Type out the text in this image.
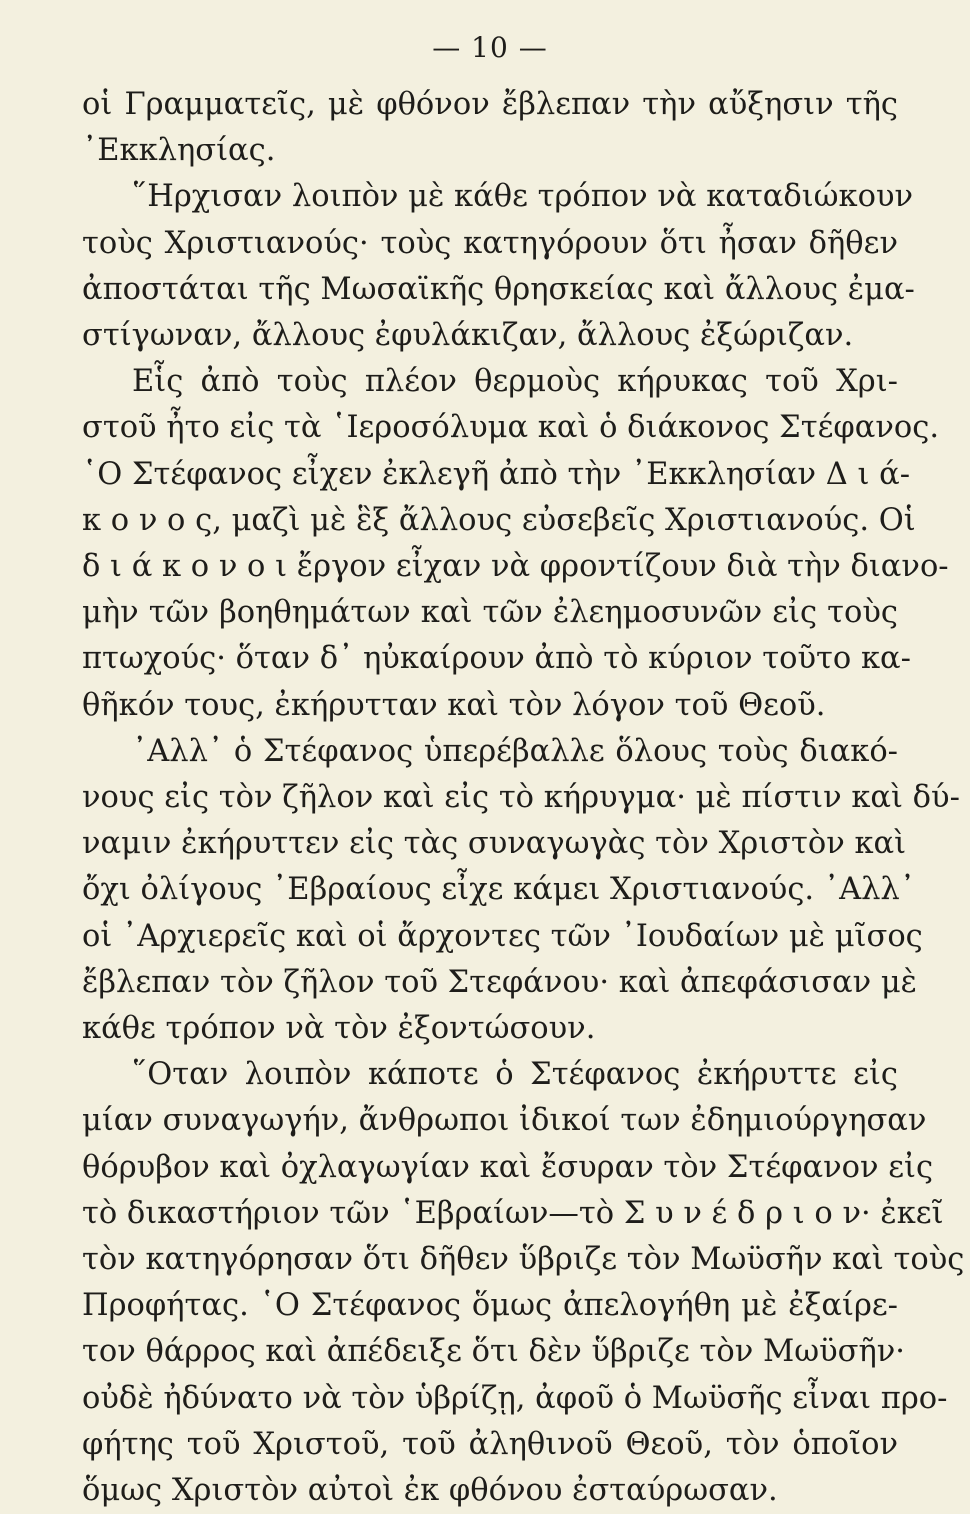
— 10 —
οἱ Γραμματεῖς, μὲ φθόνον ἔβλεπαν τὴν αὔξησιν τῆς
᾿Εκκλησίας.
῞Ηρχισαν λοιπὸν μὲ κάθε τρόπον νὰ καταδιώκουν
τοὺς Χριστιανούς· τοὺς κατηγόρουν ὅτι ἦσαν δῆθεν
ἀποστάται τῆς Μωσαϊκῆς θρησκείας καὶ ἄλλους ἐμα-
στίγωναν, ἄλλους ἐφυλάκιζαν, ἄλλους ἐξώριζαν.
Εἷς ἀπὸ τοὺς πλέον θερμοὺς κήρυκας τοῦ Χρι-
στοῦ ἦτο εἰς τὰ ῾Ιεροσόλυμα καὶ ὁ διάκονος Στέφανος.
῾Ο Στέφανος εἶχεν ἐκλεγῆ ἀπὸ τὴν ᾿Εκκλησίαν Δ ι ά-
κ ο ν ο ς, μαζὶ μὲ ἓξ ἄλλους εὐσεβεῖς Χριστιανούς. Οἱ
δ ι ά κ ο ν ο ι ἔργον εἶχαν νὰ φροντίζουν διὰ τὴν διανο-
μὴν τῶν βοηθημάτων καὶ τῶν ἐλεημοσυνῶν εἰς τοὺς
πτωχούς· ὅταν δ᾿ ηὐκαίρουν ἀπὸ τὸ κύριον τοῦτο κα-
θῆκόν τους, ἐκήρυτταν καὶ τὸν λόγον τοῦ Θεοῦ.
᾿Αλλ᾿ ὁ Στέφανος ὑπερέβαλλε ὅλους τοὺς διακό-
νους εἰς τὸν ζῆλον καὶ εἰς τὸ κήρυγμα· μὲ πίστιν καὶ δύ-
ναμιν ἐκήρυττεν εἰς τὰς συναγωγὰς τὸν Χριστὸν καὶ
ὄχι ὀλίγους ᾿Εβραίους εἶχε κάμει Χριστιανούς. ᾿Αλλ᾿
οἱ ᾿Αρχιερεῖς καὶ οἱ ἄρχοντες τῶν ᾿Ιουδαίων μὲ μῖσος
ἔβλεπαν τὸν ζῆλον τοῦ Στεφάνου· καὶ ἀπεφάσισαν μὲ
κάθε τρόπον νὰ τὸν ἐξοντώσουν.
῞Οταν λοιπὸν κάποτε ὁ Στέφανος ἐκήρυττε εἰς
μίαν συναγωγήν, ἄνθρωποι ἰδικοί των ἐδημιούργησαν
θόρυβον καὶ ὀχλαγωγίαν καὶ ἔσυραν τὸν Στέφανον εἰς
τὸ δικαστήριον τῶν ῾Εβραίων—τὸ Σ υ ν έ δ ρ ι ο ν· ἐκεῖ
τὸν κατηγόρησαν ὅτι δῆθεν ὕβριζε τὸν Μωϋσῆν καὶ τοὺς
Προφήτας. ῾Ο Στέφανος ὅμως ἀπελογήθη μὲ ἐξαίρε-
τον θάρρος καὶ ἀπέδειξε ὅτι δὲν ὕβριζε τὸν Μωϋσῆν·
οὐδὲ ἠδύνατο νὰ τὸν ὑβρίζῃ, ἀφοῦ ὁ Μωϋσῆς εἶναι προ-
φήτης τοῦ Χριστοῦ, τοῦ ἀληθινοῦ Θεοῦ, τὸν ὁποῖον
ὅμως Χριστὸν αὐτοὶ ἐκ φθόνου ἐσταύρωσαν.
